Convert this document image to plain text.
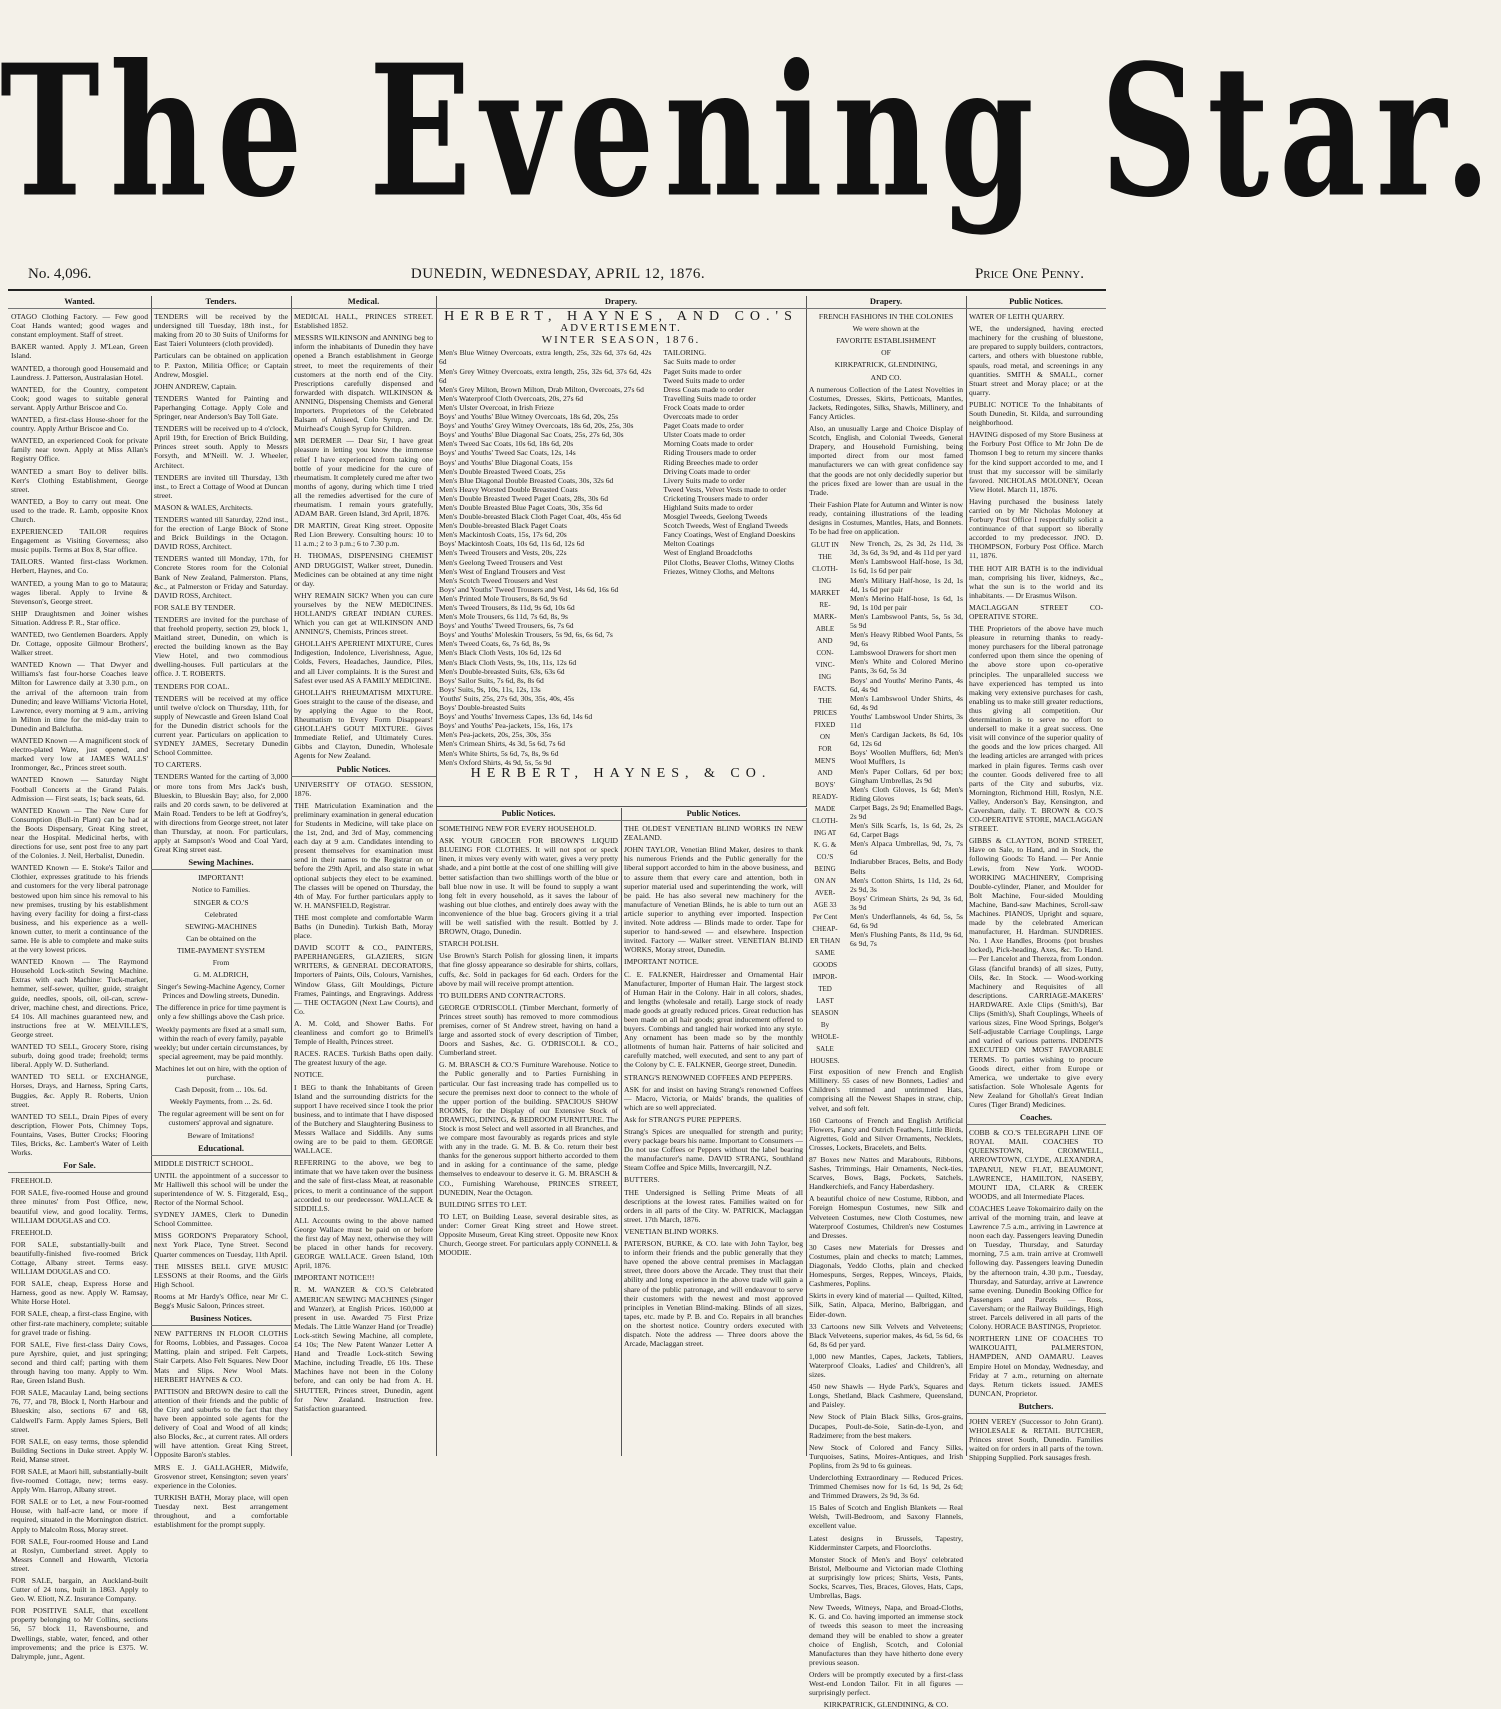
The Evening Star.
No. 4,096.	DUNEDIN, WEDNESDAY, APRIL 12, 1876.	Price One Penny.
Wanted.

OTAGO Clothing Factory. — Few good Coat Hands wanted; good wages and constant employment. Staff of street.

BAKER wanted. Apply J. M'Lean, Green Island.

WANTED, a thorough good Housemaid and Laundress. J. Patterson, Australasian Hotel.

WANTED, for the Country, competent Cook; good wages to suitable general servant. Apply Arthur Briscoe and Co.

WANTED, a first-class House-shoer for the country. Apply Arthur Briscoe and Co.

WANTED, an experienced Cook for private family near town. Apply at Miss Allan's Registry Office.

WANTED a smart Boy to deliver bills. Kerr's Clothing Establishment, George street.

WANTED, a Boy to carry out meat. One used to the trade. R. Lamb, opposite Knox Church.

EXPERIENCED TAILOR requires Engagement as Visiting Governess; also music pupils. Terms at Box 8, Star office.

TAILORS. Wanted first-class Workmen. Herbert, Haynes, and Co.

WANTED, a young Man to go to Mataura; wages liberal. Apply to Irvine & Stevenson's, George street.

SHIP Draughtsmen and Joiner wishes Situation. Address P. R., Star office.

WANTED, two Gentlemen Boarders. Apply Dr. Cottage, opposite Gilmour Brothers', Walker street.

WANTED Known — That Dwyer and Williams's fast four-horse Coaches leave Milton for Lawrence daily at 3.30 p.m., on the arrival of the afternoon train from Dunedin; and leave Williams' Victoria Hotel, Lawrence, every morning at 9 a.m., arriving in Milton in time for the mid-day train to Dunedin and Balclutha.

WANTED Known — A magnificent stock of electro-plated Ware, just opened, and marked very low at JAMES WALLS' Ironmonger, &c., Princes street south.

WANTED Known — Saturday Night Football Concerts at the Grand Palais. Admission — First seats, 1s; back seats, 6d.

WANTED Known — The New Cure for Consumption (Bull-in Plant) can be had at the Boots Dispensary, Great King street, near the Hospital. Medicinal herbs, with directions for use, sent post free to any part of the Colonies. J. Neil, Herbalist, Dunedin.

WANTED Known — E. Stoke's Tailor and Clothier, expresses gratitude to his friends and customers for the very liberal patronage bestowed upon him since his removal to his new premises, trusting by his establishment having every facility for doing a first-class business, and his experience as a well-known cutter, to merit a continuance of the same. He is able to complete and make suits at the very lowest prices.

WANTED Known — The Raymond Household Lock-stitch Sewing Machine. Extras with each Machine: Tuck-marker, hemmer, self-sewer, quilter, guide, straight guide, needles, spools, oil, oil-can, screw-driver, machine chest, and directions. Price, £4 10s. All machines guaranteed new, and instructions free at W. MELVILLE'S, George street.

WANTED TO SELL, Grocery Store, rising suburb, doing good trade; freehold; terms liberal. Apply W. D. Sutherland.

WANTED TO SELL or EXCHANGE, Horses, Drays, and Harness, Spring Carts, Buggies, &c. Apply R. Roberts, Union street.

WANTED TO SELL, Drain Pipes of every description, Flower Pots, Chimney Tops, Fountains, Vases, Butter Crocks; Flooring Tiles, Bricks, &c. Lambert's Water of Leith Works.

For Sale.

FREEHOLD.

FOR SALE, five-roomed House and ground three minutes' from Post Office, new, beautiful view, and good locality. Terms, WILLIAM DOUGLAS and CO.

FREEHOLD.

FOR SALE, substantially-built and beautifully-finished five-roomed Brick Cottage, Albany street. Terms easy. WILLIAM DOUGLAS and CO.

FOR SALE, cheap, Express Horse and Harness, good as new. Apply W. Ramsay, White Horse Hotel.

FOR SALE, cheap, a first-class Engine, with other first-rate machinery, complete; suitable for gravel trade or fishing.

FOR SALE, Five first-class Dairy Cows, pure Ayrshire, quiet, and just springing; second and third calf; parting with them through having too many. Apply to Wm. Rae, Green Island Bush.

FOR SALE, Macaulay Land, being sections 76, 77, and 78, Block I, North Harbour and Blueskin; also, sections 67 and 68, Caldwell's Farm. Apply James Spiers, Bell street.

FOR SALE, on easy terms, those splendid Building Sections in Duke street. Apply W. Reid, Manse street.

FOR SALE, at Maori hill, substantially-built five-roomed Cottage, new; terms easy. Apply Wm. Harrop, Albany street.

FOR SALE or to Let, a new Four-roomed House, with half-acre land, or more if required, situated in the Mornington district. Apply to Malcolm Ross, Moray street.

FOR SALE, Four-roomed House and Land at Roslyn, Cumberland street. Apply to Messrs Connell and Howarth, Victoria street.

FOR SALE, bargain, an Auckland-built Cutter of 24 tons, built in 1863. Apply to Geo. W. Eliott, N.Z. Insurance Company.

FOR POSITIVE SALE, that excellent property belonging to Mr Collins, sections 56, 57 block 11, Ravensbourne, and Dwellings, stable, water, fenced, and other improvements; and the price is £375. W. Dalrymple, junr., Agent.

Tenders.

TENDERS will be received by the undersigned till Tuesday, 18th inst., for making from 20 to 30 Suits of Uniforms for East Taieri Volunteers (cloth provided).

Particulars can be obtained on application to P. Paxton, Militia Office; or Captain Andrew, Mosgiel.

JOHN ANDREW, Captain.

TENDERS Wanted for Painting and Paperhanging Cottage. Apply Cole and Springer, near Anderson's Bay Toll Gate.

TENDERS will be received up to 4 o'clock, April 19th, for Erection of Brick Building, Princes street south. Apply to Messrs Forsyth, and M'Neill. W. J. Wheeler, Architect.

TENDERS are invited till Thursday, 13th inst., to Erect a Cottage of Wood at Duncan street.

MASON & WALES, Architects.

TENDERS wanted till Saturday, 22nd inst., for the erection of Large Block of Stone and Brick Buildings in the Octagon. DAVID ROSS, Architect.

TENDERS wanted till Monday, 17th, for Concrete Stores room for the Colonial Bank of New Zealand, Palmerston. Plans, &c., at Palmerston or Friday and Saturday. DAVID ROSS, Architect.

FOR SALE BY TENDER.

TENDERS are invited for the purchase of that freehold property, section 29, block 1, Maitland street, Dunedin, on which is erected the building known as the Bay View Hotel, and two commodious dwelling-houses. Full particulars at the office. J. T. ROBERTS.

TENDERS FOR COAL.

TENDERS will be received at my office until twelve o'clock on Thursday, 11th, for supply of Newcastle and Green Island Coal for the Dunedin district schools for the current year. Particulars on application to SYDNEY JAMES, Secretary Dunedin School Committee.

TO CARTERS.

TENDERS Wanted for the carting of 3,000 or more tons from Mrs Jack's bush, Blueskin, to Blueskin Bay; also, for 2,000 rails and 20 cords sawn, to be delivered at Main Road. Tenders to be left at Godfrey's, with directions from George street, not later than Thursday, at noon. For particulars, apply at Sampson's Wood and Coal Yard, Great King street east.

Sewing Machines.

IMPORTANT!

Notice to Families.

SINGER & CO.'S

Celebrated

SEWING-MACHINES

Can be obtained on the

TIME-PAYMENT SYSTEM

From

G. M. ALDRICH,

Singer's Sewing-Machine Agency, Corner Princes and Dowling streets, Dunedin.

The difference in price for time payment is only a few shillings above the Cash price.

Weekly payments are fixed at a small sum, within the reach of every family, payable weekly; but under certain circumstances, by special agreement, may be paid monthly.

Machines let out on hire, with the option of purchase.

Cash Deposit, from ... 10s. 6d.

Weekly Payments, from ... 2s. 6d.

The regular agreement will be sent on for customers' approval and signature.

Beware of Imitations!

Educational.

MIDDLE DISTRICT SCHOOL.

UNTIL the appointment of a successor to Mr Halliwell this school will be under the superintendence of W. S. Fitzgerald, Esq., Rector of the Normal School.

SYDNEY JAMES, Clerk to Dunedin School Committee.

MISS GORDON'S Preparatory School, next York Place, Tyne Street. Second Quarter commences on Tuesday, 11th April.

THE MISSES BELL GIVE MUSIC LESSONS at their Rooms, and the Girls High School.

Rooms at Mr Hardy's Office, near Mr C. Begg's Music Saloon, Princes street.

Business Notices.

NEW PATTERNS IN FLOOR CLOTHS for Rooms, Lobbies, and Passages. Cocoa Matting, plain and striped. Felt Carpets, Stair Carpets. Also Felt Squares. New Door Mats and Slips. New Wool Mats. HERBERT HAYNES & CO.

PATTISON and BROWN desire to call the attention of their friends and the public of the City and suburbs to the fact that they have been appointed sole agents for the delivery of Coal and Wood of all kinds; also Blocks, &c., at current rates. All orders will have attention. Great King Street, Opposite Baron's stables.

MRS E. J. GALLAGHER, Midwife, Grosvenor street, Kensington; seven years' experience in the Colonies.

TURKISH BATH, Moray place, will open Tuesday next. Best arrangement throughout, and a comfortable establishment for the prompt supply.

Medical.

MEDICAL HALL, PRINCES STREET. Established 1852.

MESSRS WILKINSON and ANNING beg to inform the inhabitants of Dunedin they have opened a Branch establishment in George street, to meet the requirements of their customers at the north end of the City. Prescriptions carefully dispensed and forwarded with dispatch. WILKINSON & ANNING, Dispensing Chemists and General Importers. Proprietors of the Celebrated Balsam of Aniseed, Colo Syrup, and Dr. Muirhead's Cough Syrup for Children.

MR DERMER — Dear Sir, I have great pleasure in letting you know the immense relief I have experienced from taking one bottle of your medicine for the cure of rheumatism. It completely cured me after two months of agony, during which time I tried all the remedies advertised for the cure of rheumatism. I remain yours gratefully, ADAM BAR. Green Island, 3rd April, 1876.

DR MARTIN, Great King street. Opposite Red Lion Brewery. Consulting hours: 10 to 11 a.m.; 2 to 3 p.m.; 6 to 7.30 p.m.

H. THOMAS, DISPENSING CHEMIST AND DRUGGIST, Walker street, Dunedin. Medicines can be obtained at any time night or day.

WHY REMAIN SICK? When you can cure yourselves by the NEW MEDICINES. HOLLAND'S GREAT INDIAN CURES. Which you can get at WILKINSON AND ANNING'S, Chemists, Princes street.

GHOLLAH'S APERIENT MIXTURE, Cures Indigestion, Indolence, Liverishness, Ague, Colds, Fevers, Headaches, Jaundice, Piles, and all Liver complaints. It is the Surest and Safest ever used AS A FAMILY MEDICINE.

GHOLLAH'S RHEUMATISM MIXTURE. Goes straight to the cause of the disease, and by applying the Ague to the Root, Rheumatism to Every Form Disappears! GHOLLAH'S GOUT MIXTURE. Gives Immediate Relief, and Ultimately Cures. Gibbs and Clayton, Dunedin, Wholesale Agents for New Zealand.

Public Notices.

UNIVERSITY OF OTAGO. SESSION, 1876.

THE Matriculation Examination and the preliminary examination in general education for Students in Medicine, will take place on the 1st, 2nd, and 3rd of May, commencing each day at 9 a.m. Candidates intending to present themselves for examination must send in their names to the Registrar on or before the 29th April, and also state in what optional subjects they elect to be examined. The classes will be opened on Thursday, the 4th of May. For further particulars apply to W. H. MANSFIELD, Registrar.

THE most complete and comfortable Warm Baths (in Dunedin). Turkish Bath, Moray place.

DAVID SCOTT & CO., PAINTERS, PAPERHANGERS, GLAZIERS, SIGN WRITERS, & GENERAL DECORATORS, Importers of Paints, Oils, Colours, Varnishes, Window Glass, Gilt Mouldings, Picture Frames, Paintings, and Engravings. Address — THE OCTAGON (Next Law Courts), and Co.

A. M. Cold, and Shower Baths. For cleanliness and comfort go to Brimell's Temple of Health, Princes street.

RACES. RACES. Turkish Baths open daily. The greatest luxury of the age.

NOTICE.

I BEG to thank the Inhabitants of Green Island and the surrounding districts for the support I have received since I took the prior business, and to intimate that I have disposed of the Butchery and Slaughtering Business to Messrs Wallace and Siddills. Any sums owing are to be paid to them. GEORGE WALLACE.

REFERRING to the above, we beg to intimate that we have taken over the business and the sale of first-class Meat, at reasonable prices, to merit a continuance of the support accorded to our predecessor. WALLACE & SIDDILLS.

ALL Accounts owing to the above named George Wallace must be paid on or before the first day of May next, otherwise they will be placed in other hands for recovery. GEORGE WALLACE. Green Island, 10th April, 1876.

IMPORTANT NOTICE!!!

R. M. WANZER & CO.'S Celebrated AMERICAN SEWING MACHINES (Singer and Wanzer), at English Prices. 160,000 at present in use. Awarded 75 First Prize Medals. The Little Wanzer Hand (or Treadle) Lock-stitch Sewing Machine, all complete, £4 10s; The New Patent Wanzer Letter A Hand and Treadle Lock-stitch Sewing Machine, including Treadle, £6 10s. These Machines have not been in the Colony before, and can only be had from A. H. SHUTTER, Princes street, Dunedin, agent for New Zealand. Instruction free. Satisfaction guaranteed.

Drapery.
HERBERT, HAYNES, AND CO.'S
ADVERTISEMENT.
WINTER SEASON, 1876.
Men's Blue Witney Overcoats, extra length, 25s, 32s 6d, 37s 6d, 42s 6d
Men's Grey Witney Overcoats, extra length, 25s, 32s 6d, 37s 6d, 42s 6d
Men's Grey Milton, Brown Milton, Drab Milton, Overcoats, 27s 6d
Men's Waterproof Cloth Overcoats, 20s, 27s 6d
Men's Ulster Overcoat, in Irish Frieze
Boys' and Youths' Blue Witney Overcoats, 18s 6d, 20s, 25s
Boys' and Youths' Grey Witney Overcoats, 18s 6d, 20s, 25s, 30s
Boys' and Youths' Blue Diagonal Sac Coats, 25s, 27s 6d, 30s
Men's Tweed Sac Coats, 10s 6d, 18s 6d, 20s
Boys' and Youths' Tweed Sac Coats, 12s, 14s
Boys' and Youths' Blue Diagonal Coats, 15s
Men's Double Breasted Tweed Coats, 25s
Men's Blue Diagonal Double Breasted Coats, 30s, 32s 6d
Men's Heavy Worsted Double Breasted Coats
Men's Double Breasted Tweed Paget Coats, 28s, 30s 6d
Men's Double Breasted Blue Paget Coats, 30s, 35s 6d
Men's Double-breasted Black Cloth Paget Coat, 40s, 45s 6d
Men's Double-breasted Black Paget Coats
Men's Mackintosh Coats, 15s, 17s 6d, 20s
Boys' Mackintosh Coats, 10s 6d, 11s 6d, 12s 6d
Men's Tweed Trousers and Vests, 20s, 22s
Men's Geelong Tweed Trousers and Vest
Men's West of England Trousers and Vest
Men's Scotch Tweed Trousers and Vest
Boys' and Youths' Tweed Trousers and Vest, 14s 6d, 16s 6d
Men's Printed Mole Trousers, 8s 6d, 9s 6d
Men's Tweed Trousers, 8s 11d, 9s 6d, 10s 6d
Men's Mole Trousers, 6s 11d, 7s 6d, 8s, 9s
Boys' and Youths' Tweed Trousers, 6s, 7s 6d
Boys' and Youths' Moleskin Trousers, 5s 9d, 6s, 6s 6d, 7s
Men's Tweed Coats, 6s, 7s 6d, 8s, 9s
Men's Black Cloth Vests, 10s 6d, 12s 6d
Men's Black Cloth Vests, 9s, 10s, 11s, 12s 6d
Men's Double-breasted Suits, 63s, 63s 6d
Boys' Sailor Suits, 7s 6d, 8s, 8s 6d
Boys' Suits, 9s, 10s, 11s, 12s, 13s
Youths' Suits, 25s, 27s 6d, 30s, 35s, 40s, 45s
Boys' Double-breasted Suits
Boys' and Youths' Inverness Capes, 13s 6d, 14s 6d
Boys' and Youths' Pea-jackets, 15s, 16s, 17s
Men's Pea-jackets, 20s, 25s, 30s, 35s
Men's Crimean Shirts, 4s 3d, 5s 6d, 7s 6d
Men's White Shirts, 5s 6d, 7s, 8s, 9s 6d
Men's Oxford Shirts, 4s 9d, 5s, 5s 9d
TAILORING.
Sac Suits made to order
Paget Suits made to order
Tweed Suits made to order
Dress Coats made to order
Travelling Suits made to order
Frock Coats made to order
Overcoats made to order
Paget Coats made to order
Ulster Coats made to order
Morning Coats made to order
Riding Trousers made to order
Riding Breeches made to order
Driving Coats made to order
Livery Suits made to order
Tweed Vests, Velvet Vests made to order
Cricketing Trousers made to order
Highland Suits made to order
Mosgiel Tweeds, Geelong Tweeds
Scotch Tweeds, West of England Tweeds
Fancy Coatings, West of England Doeskins
Melton Coatings
West of England Broadcloths
Pilot Cloths, Beaver Cloths, Witney Cloths
Friezes, Witney Cloths, and Meltons
HERBERT, HAYNES, & CO.
Public Notices.

SOMETHING NEW FOR EVERY HOUSEHOLD.

ASK YOUR GROCER FOR BROWN'S LIQUID BLUEING FOR CLOTHES. It will not spot or speck linen, it mixes very evenly with water, gives a very pretty shade, and a pint bottle at the cost of one shilling will give better satisfaction than two shillings worth of the blue or ball blue now in use. It will be found to supply a want long felt in every household, as it saves the labour of washing out blue clothes, and entirely does away with the inconvenience of the blue bag. Grocers giving it a trial will be well satisfied with the result. Bottled by J. BROWN, Otago, Dunedin.

STARCH POLISH.

Use Brown's Starch Polish for glossing linen, it imparts that fine glossy appearance so desirable for shirts, collars, cuffs, &c. Sold in packages for 6d each. Orders for the above by mail will receive prompt attention.

TO BUILDERS AND CONTRACTORS.

GEORGE O'DRISCOLL (Timber Merchant, formerly of Princes street south) has removed to more commodious premises, corner of St Andrew street, having on hand a large and assorted stock of every description of Timber, Doors and Sashes, &c. G. O'DRISCOLL & CO., Cumberland street.

G. M. BRASCH & CO.'S Furniture Warehouse. Notice to the Public generally and to Parties Furnishing in particular. Our fast increasing trade has compelled us to secure the premises next door to connect to the whole of the upper portion of the building. SPACIOUS SHOW ROOMS, for the Display of our Extensive Stock of DRAWING, DINING, & BEDROOM FURNITURE. The Stock is most Select and well assorted in all Branches, and we compare most favourably as regards prices and style with any in the trade. G. M. B. & Co. return their best thanks for the generous support hitherto accorded to them and in asking for a continuance of the same, pledge themselves to endeavour to deserve it. G. M. BRASCH & CO., Furnishing Warehouse, PRINCES STREET, DUNEDIN, Near the Octagon.

BUILDING SITES TO LET.

TO LET, on Building Lease, several desirable sites, as under: Corner Great King street and Howe street. Opposite Museum, Great King street. Opposite new Knox Church, George street. For particulars apply CONNELL & MOODIE.

Public Notices.

THE OLDEST VENETIAN BLIND WORKS IN NEW ZEALAND.

JOHN TAYLOR, Venetian Blind Maker, desires to thank his numerous Friends and the Public generally for the liberal support accorded to him in the above business, and to assure them that every care and attention, both in superior material used and superintending the work, will be paid. He has also several new machinery for the manufacture of Venetian Blinds, he is able to turn out an article superior to anything ever imported. Inspection invited. Note address — Blinds made to order. Tape for superior to hand-sewed — and elsewhere. Inspection invited. Factory — Walker street. VENETIAN BLIND WORKS, Moray street, Dunedin.

IMPORTANT NOTICE.

C. E. FALKNER, Hairdresser and Ornamental Hair Manufacturer, Importer of Human Hair. The largest stock of Human Hair in the Colony. Hair in all colors, shades, and lengths (wholesale and retail). Large stock of ready made goods at greatly reduced prices. Great reduction has been made on all hair goods; great inducement offered to buyers. Combings and tangled hair worked into any style. Any ornament has been made so by the monthly allotments of human hair. Patterns of hair solicited and carefully matched, well executed, and sent to any part of the Colony by C. E. FALKNER, George street, Dunedin.

STRANG'S RENOWNED COFFEES AND PEPPERS.

ASK for and insist on having Strang's renowned Coffees — Macro, Victoria, or Maids' brands, the qualities of which are so well appreciated.

Ask for STRANG'S PURE PEPPERS.

Strang's Spices are unequalled for strength and purity; every package bears his name. Important to Consumers — Do not use Coffees or Peppers without the label bearing the manufacturer's name. DAVID STRANG, Southland Steam Coffee and Spice Mills, Invercargill, N.Z.

BUTTERS.

THE Undersigned is Selling Prime Meats of all descriptions at the lowest rates. Families waited on for orders in all parts of the City. W. PATRICK, Maclaggan street. 17th March, 1876.

VENETIAN BLIND WORKS.

PATERSON, BURKE, & CO. late with John Taylor, beg to inform their friends and the public generally that they have opened the above central premises in Maclaggan street, three doors above the Arcade. They trust that their ability and long experience in the above trade will gain a share of the public patronage, and will endeavour to serve their customers with the newest and most approved principles in Venetian Blind-making. Blinds of all sizes, tapes, etc. made by P. B. and Co. Repairs in all branches on the shortest notice. Country orders executed with dispatch. Note the address — Three doors above the Arcade, Maclaggan street.

Drapery.

FRENCH FASHIONS IN THE COLONIES

We were shown at the

FAVORITE ESTABLISHMENT

OF

KIRKPATRICK, GLENDINING,

AND CO.

A numerous Collection of the Latest Novelties in Costumes, Dresses, Skirts, Petticoats, Mantles, Jackets, Redingotes, Silks, Shawls, Millinery, and Fancy Articles.

Also, an unusually Large and Choice Display of Scotch, English, and Colonial Tweeds, General Drapery, and Household Furnishing, being imported direct from our most famed manufacturers we can with great confidence say that the goods are not only decidedly superior but the prices fixed are lower than are usual in the Trade.

Their Fashion Plate for Autumn and Winter is now ready, containing illustrations of the leading designs in Costumes, Mantles, Hats, and Bonnets. To be had free on application.

GLUT IN
THE
CLOTH-
ING
MARKET
RE-
MARK-
ABLE
AND
CON-
VINC-
ING
FACTS.
THE
PRICES
FIXED
ON
FOR
MEN'S
AND
BOYS'
READY-
MADE
CLOTH-
ING AT
K. G. &
CO.'S
BEING
ON AN
AVER-
AGE 33
Per Cent
CHEAP-
ER THAN
SAME
GOODS
IMPOR-
TED
LAST
SEASON
By
WHOLE-
SALE
HOUSES.
New Trench, 2s, 2s 3d, 2s 11d, 3s 3d, 3s 6d, 3s 9d, and 4s 11d per yard
Men's Lambswool Half-hose, 1s 3d, 1s 6d, 1s 6d per pair
Men's Military Half-hose, 1s 2d, 1s 4d, 1s 6d per pair
Men's Merino Half-hose, 1s 6d, 1s 9d, 1s 10d per pair
Men's Lambswool Pants, 5s, 5s 3d, 5s 9d
Men's Heavy Ribbed Wool Pants, 5s 9d, 6s
Lambswool Drawers for short men
Men's White and Colored Merino Pants, 3s 6d, 5s 3d
Boys' and Youths' Merino Pants, 4s 6d, 4s 9d
Men's Lambswool Under Shirts, 4s 6d, 4s 9d
Youths' Lambswool Under Shirts, 3s 11d
Men's Cardigan Jackets, 8s 6d, 10s 6d, 12s 6d
Boys' Woollen Mufflers, 6d; Men's Wool Mufflers, 1s
Men's Paper Collars, 6d per box; Gingham Umbrellas, 2s 9d
Men's Cloth Gloves, 1s 6d; Men's Riding Gloves
Carpet Bags, 2s 9d; Enamelled Bags, 2s 9d
Men's Silk Scarfs, 1s, 1s 6d, 2s, 2s 6d, Carpet Bags
Men's Alpaca Umbrellas, 9d, 7s, 7s 6d
Indiarubber Braces, Belts, and Body Belts
Men's Cotton Shirts, 1s 11d, 2s 6d, 2s 9d, 3s
Boys' Crimean Shirts, 2s 9d, 3s 6d, 3s 9d
Men's Underflannels, 4s 6d, 5s, 5s 6d, 6s 9d
Men's Flushing Pants, 8s 11d, 9s 6d, 6s 9d, 7s

First exposition of new French and English Millinery. 55 cases of new Bonnets, Ladies' and Children's trimmed and untrimmed Hats, comprising all the Newest Shapes in straw, chip, velvet, and soft felt.

160 Cartoons of French and English Artificial Flowers, Fancy and Ostrich Feathers, Little Birds, Aigrettes, Gold and Silver Ornaments, Necklets, Crosses, Lockets, Bracelets, and Belts.

87 Boxes new Nattes and Marabouts, Ribbons, Sashes, Trimmings, Hair Ornaments, Neck-ties, Scarves, Bows, Bags, Pockets, Satchels, Handkerchiefs, and Fancy Haberdashery.

A beautiful choice of new Costume, Ribbon, and Foreign Homespun Costumes, new Silk and Velveteen Costumes, new Cloth Costumes, new Waterproof Costumes, Children's new Costumes and Dresses.

30 Cases new Materials for Dresses and Costumes, plain and checks to match; Lammes, Diagonals, Yeddo Cloths, plain and checked Homespuns, Serges, Reppes, Winceys, Plaids, Cashmeres, Poplins.

Skirts in every kind of material — Quilted, Kilted, Silk, Satin, Alpaca, Merino, Balbriggan, and Eider-down.

33 Cartoons new Silk Velvets and Velveteens; Black Velveteens, superior makes, 4s 6d, 5s 6d, 6s 6d, 8s 6d per yard.

1,000 new Mantles, Capes, Jackets, Tabliers, Waterproof Cloaks, Ladies' and Children's, all sizes.

450 new Shawls — Hyde Park's, Squares and Longs, Shetland, Black Cashmere, Queensland, and Paisley.

New Stock of Plain Black Silks, Gros-grains, Ducapes, Poult-de-Soie, Satin-de-Lyon, and Radzimere; from the best makers.

New Stock of Colored and Fancy Silks, Turquoises, Satins, Moires-Antiques, and Irish Poplins, from 2s 9d to 6s guineas.

Underclothing Extraordinary — Reduced Prices. Trimmed Chemises now for 1s 6d, 1s 9d, 2s 6d; and Trimmed Drawers, 2s 9d, 3s 6d.

15 Bales of Scotch and English Blankets — Real Welsh, Twill-Bedroom, and Saxony Flannels, excellent value.

Latest designs in Brussels, Tapestry, Kidderminster Carpets, and Floorcloths.

Monster Stock of Men's and Boys' celebrated Bristol, Melbourne and Victorian made Clothing at surprisingly low prices; Shirts, Vests, Pants, Socks, Scarves, Ties, Braces, Gloves, Hats, Caps, Umbrellas, Bags.

New Tweeds, Witneys, Napa, and Broad-Cloths, K. G. and Co. having imported an immense stock of tweeds this season to meet the increasing demand they will be enabled to show a greater choice of English, Scotch, and Colonial Manufactures than they have hitherto done every previous season.

Orders will be promptly executed by a first-class West-end London Tailor. Fit in all figures — surprisingly perfect.

KIRKPATRICK, GLENDINING, & CO.

Public Notices.

WATER OF LEITH QUARRY.

WE, the undersigned, having erected machinery for the crushing of bluestone, are prepared to supply builders, contractors, carters, and others with bluestone rubble, spauls, road metal, and screenings in any quantities. SMITH & SMALL, corner Stuart street and Moray place; or at the quarry.

PUBLIC NOTICE To the Inhabitants of South Dunedin, St. Kilda, and surrounding neighborhood.

HAVING disposed of my Store Business at the Forbury Post Office to Mr John De de Thomson I beg to return my sincere thanks for the kind support accorded to me, and I trust that my successor will be similarly favored. NICHOLAS MOLONEY, Ocean View Hotel. March 11, 1876.

Having purchased the business lately carried on by Mr Nicholas Moloney at Forbury Post Office I respectfully solicit a continuance of that support so liberally accorded to my predecessor. JNO. D. THOMPSON, Forbury Post Office. March 11, 1876.

THE HOT AIR BATH is to the individual man, comprising his liver, kidneys, &c., what the sun is to the world and its inhabitants. — Dr Erasmus Wilson.

MACLAGGAN STREET CO-OPERATIVE STORE.

THE Proprietors of the above have much pleasure in returning thanks to ready-money purchasers for the liberal patronage conferred upon them since the opening of the above store upon co-operative principles. The unparalleled success we have experienced has tempted us into making very extensive purchases for cash, enabling us to make still greater reductions, thus giving all competition. Our determination is to serve no effort to undersell to make it a great success. One visit will convince of the superior quality of the goods and the low prices charged. All the leading articles are arranged with prices marked in plain figures. Terms cash over the counter. Goods delivered free to all parts of the City and suburbs, viz. Mornington, Richmond Hill, Roslyn, N.E. Valley, Anderson's Bay, Kensington, and Caversham, daily. T. BROWN & CO.'S CO-OPERATIVE STORE, MACLAGGAN STREET.

GIBBS & CLAYTON, BOND STREET, Have on Sale, to Hand, and in Stock, the following Goods: To Hand. — Per Annie Lewis, from New York. WOOD-WORKING MACHINERY, Comprising Double-cylinder, Planer, and Moulder for Bolt Machine, Four-sided Moulding Machine, Band-saw Machines, Scroll-saw Machines. PIANOS, Upright and square, made by the celebrated American manufacturer, H. Hardman. SUNDRIES. No. 1 Axe Handles, Brooms (pot brushes locked), Pick-heading, Axes, &c. To Hand. — Per Lancelot and Thereza, from London. Glass (fanciful brands) of all sizes, Putty, Oils, &c. In Stock. — Wood-working Machinery and Requisites of all descriptions. CARRIAGE-MAKERS' HARDWARE. Axle Clips (Smith's), Bar Clips (Smith's), Shaft Couplings, Wheels of various sizes, Fine Wood Springs, Bolger's Self-adjustable Carriage Couplings, Large and varied of various patterns. INDENTS EXECUTED ON MOST FAVORABLE TERMS. To parties wishing to procure Goods direct, either from Europe or America, we undertake to give every satisfaction. Sole Wholesale Agents for New Zealand for Ghollah's Great Indian Cures (Tiger Brand) Medicines.

Coaches.

COBB & CO.'S TELEGRAPH LINE OF ROYAL MAIL COACHES TO QUEENSTOWN, CROMWELL, ARROWTOWN, CLYDE, ALEXANDRA, TAPANUI, NEW FLAT, BEAUMONT, LAWRENCE, HAMILTON, NASEBY, MOUNT IDA, CLARK & CREEK WOODS, and all Intermediate Places.

COACHES Leave Tokomairiro daily on the arrival of the morning train, and leave at Lawrence 7.5 a.m., arriving in Lawrence at noon each day. Passengers leaving Dunedin on Tuesday, Thursday, and Saturday morning, 7.5 a.m. train arrive at Cromwell following day. Passengers leaving Dunedin by the afternoon train, 4.30 p.m., Tuesday, Thursday, and Saturday, arrive at Lawrence same evening. Dunedin Booking Office for Passengers and Parcels — Ross, Caversham; or the Railway Buildings, High street. Parcels delivered in all parts of the Colony. HORACE BASTINGS, Proprietor.

NORTHERN LINE OF COACHES TO WAIKOUAITI, PALMERSTON, HAMPDEN, AND OAMARU. Leaves Empire Hotel on Monday, Wednesday, and Friday at 7 a.m., returning on alternate days. Return tickets issued. JAMES DUNCAN, Proprietor.

Butchers.

JOHN VEREY (Successor to John Grant). WHOLESALE & RETAIL BUTCHER, Princes street South, Dunedin. Families waited on for orders in all parts of the town. Shipping Supplied. Pork sausages fresh.
